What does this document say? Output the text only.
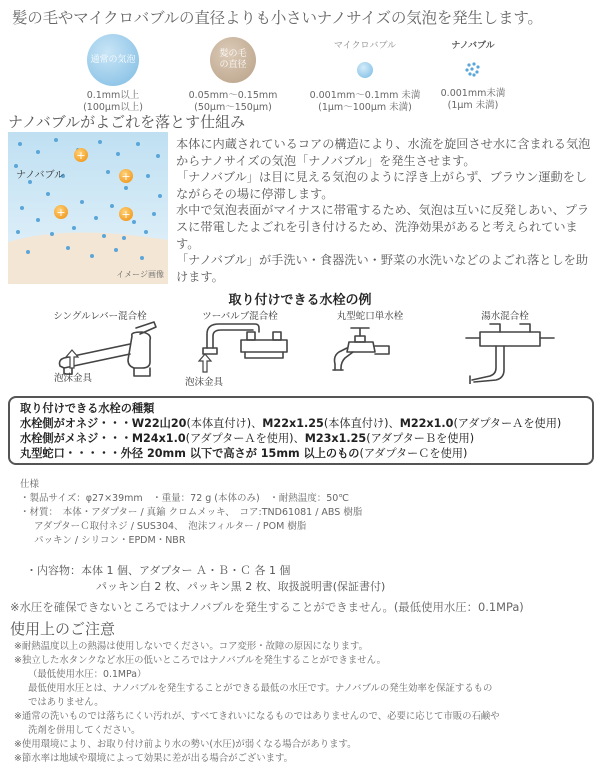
髪の毛やマイクロバブルの直径よりも小さいナノサイズの気泡を発生します。
通常の気泡
0.1mm以上
(100μm以上)
髪の毛の直径
0.05mm〜0.15mm
(50μm〜150μm)
マイクロバブル
0.001mm〜0.1mm 未満
(1μm〜100μm 未満)
ナノバブル
0.001mm未満
(1μm 未満)
ナノバブルがよごれを落とす仕組み
+
+
+	+
ナノバブル
イメージ画像

本体に内蔵されているコアの構造により、水流を旋回させ水に含まれる気泡からナノサイズの気泡「ナノバブル」を発生させます。

「ナノバブル」は目に見える気泡のように浮き上がらず、ブラウン運動をしながらその場に停滞します。

水中で気泡表面がマイナスに帯電するため、気泡は互いに反発しあい、プラスに帯電したよごれを引き付けるため、洗浄効果があると考えられています。

「ナノバブル」が手洗い・食器洗い・野菜の水洗いなどのよごれ落としを助けます。

取り付けできる水栓の例
シングルレバー混合栓	ツーバルブ混合栓	丸型蛇口単水栓	湯水混合栓
泡沫金具	泡沫金具
取り付けできる水栓の種類
水栓側がオネジ・・・W22山20(本体直付け)、M22x1.25(本体直付け)、M22x1.0(アダプターＡを使用)
水栓側がメネジ・・・M24x1.0(アダプターＡを使用)、M23x1.25(アダプターＢを使用)
丸型蛇口・・・・・外径 20mm 以下で高さが 15mm 以上のもの(アダプターＣを使用)
仕様
・製品サイズ：φ27×39mm　・重量：72 g (本体のみ)　・耐熱温度：50℃
・材質：　本体・アダプター / 真鍮 クロムメッキ、　コア:TND61081 / ABS 樹脂
アダプターＣ取付ネジ / SUS304、　泡沫フィルター / POM 樹脂
パッキン / シリコン・EPDM・NBR
・内容物：本体 1 個、アダプター Ａ・Ｂ・Ｃ 各 1 個
パッキン白 2 枚、パッキン黒 2 枚、取扱説明書(保証書付)
※水圧を確保できないところではナノバブルを発生することができません。(最低使用水圧：0.1MPa)
使用上のご注意
※耐熱温度以上の熱湯は使用しないでください。コア変形・故障の原因になります。
※独立した水タンクなど水圧の低いところではナノバブルを発生することができません。
（最低使用水圧：0.1MPa）
最低使用水圧とは、ナノバブルを発生することができる最低の水圧です。ナノバブルの発生効率を保証するもの
ではありません。
※通常の洗いものでは落ちにくい汚れが、すべてきれいになるものではありませんので、必要に応じて市販の石鹸や
洗剤を併用してください。
※使用環境により、お取り付け前より水の勢い(水圧)が弱くなる場合があります。
※節水率は地域や環境によって効果に差が出る場合がございます。
